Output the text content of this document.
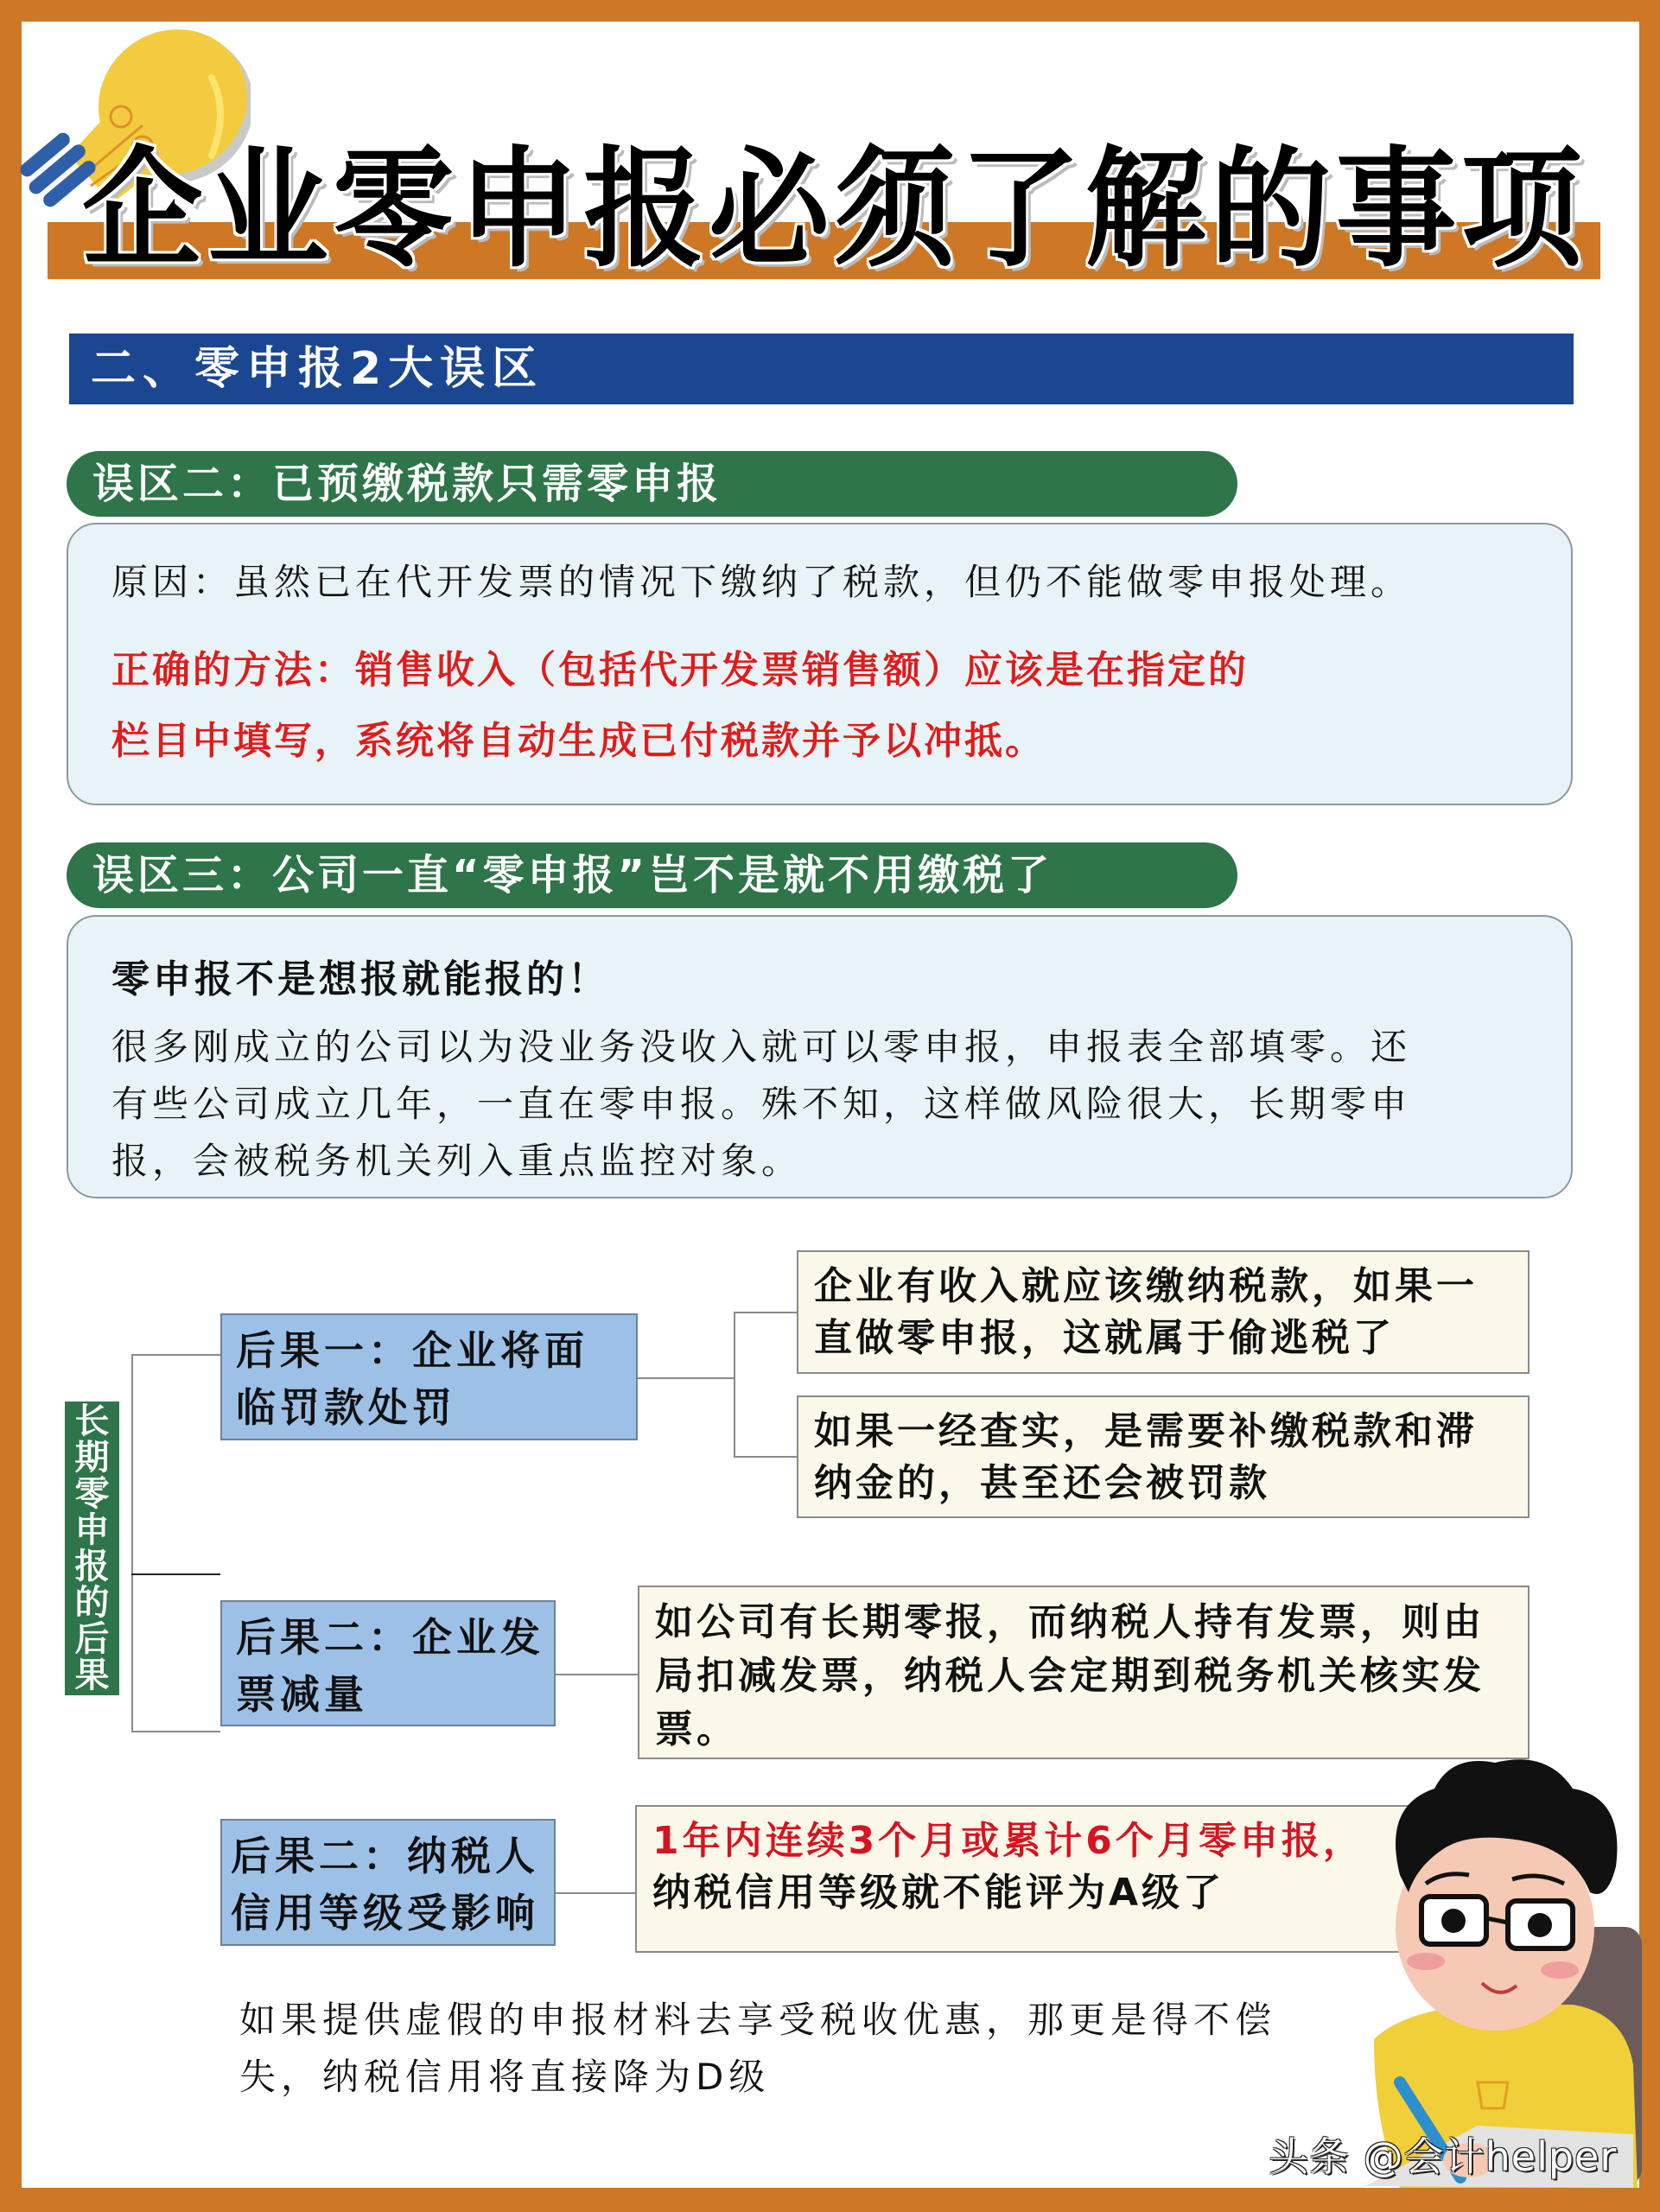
企业零申报必须了解的事项
二、零申报2大误区
误区二：已预缴税款只需零申报
原因：虽然已在代开发票的情况下缴纳了税款，但仍不能做零申报处理。
正确的方法：销售收入（包括代开发票销售额）应该是在指定的
栏目中填写，系统将自动生成已付税款并予以冲抵。
误区三：公司一直“零申报”岂不是就不用缴税了
零申报不是想报就能报的！
很多刚成立的公司以为没业务没收入就可以零申报，申报表全部填零。还
有些公司成立几年，一直在零申报。殊不知，这样做风险很大，长期零申
报，会被税务机关列入重点监控对象。
长期零申报的后果
后果一：企业将面临罚款处罚
企业有收入就应该缴纳税款，如果一直做零申报，这就属于偷逃税了
如果一经查实，是需要补缴税款和滞纳金的，甚至还会被罚款
后果二：企业发票减量
如公司有长期零报，而纳税人持有发票，则由局扣减发票，纳税人会定期到税务机关核实发票。
后果二：纳税人信用等级受影响
1年内连续3个月或累计6个月零申报，
纳税信用等级就不能评为A级了
如果提供虚假的申报材料去享受税收优惠，那更是得不偿失，纳税信用将直接降为D级
头条 @会计helper
